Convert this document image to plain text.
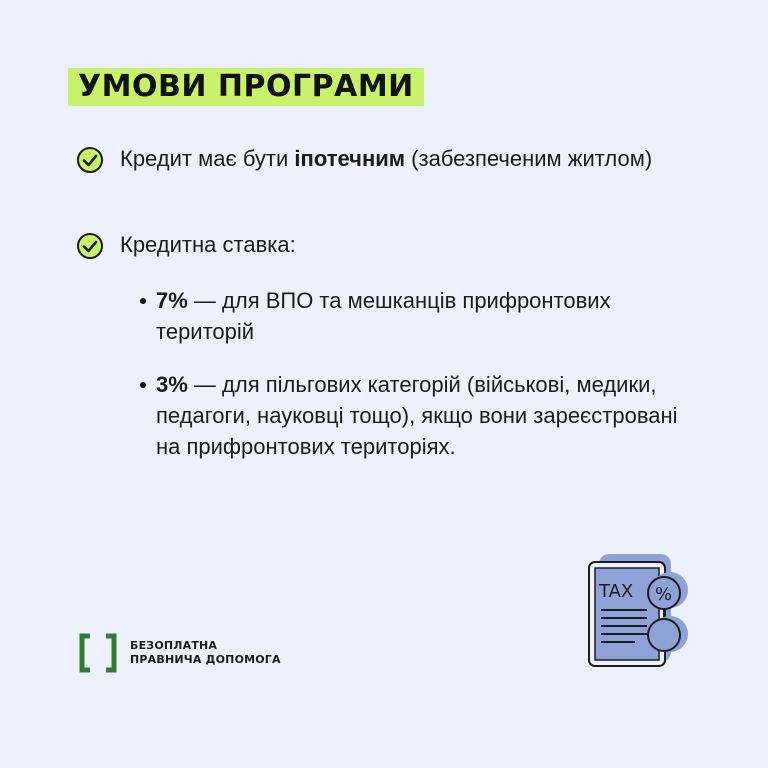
УМОВИ ПРОГРАМИ
Кредит має бути іпотечним (забезпеченим житлом)
Кредитна ставка:
7% — для ВПО та мешканців прифронтових територій
3% — для пільгових категорій (військові, медики, педагоги, науковці тощо), якщо вони зареєстровані       на прифронтових територіях.
БЕЗОПЛАТНА
ПРАВНИЧА ДОПОМОГА
TAX %
